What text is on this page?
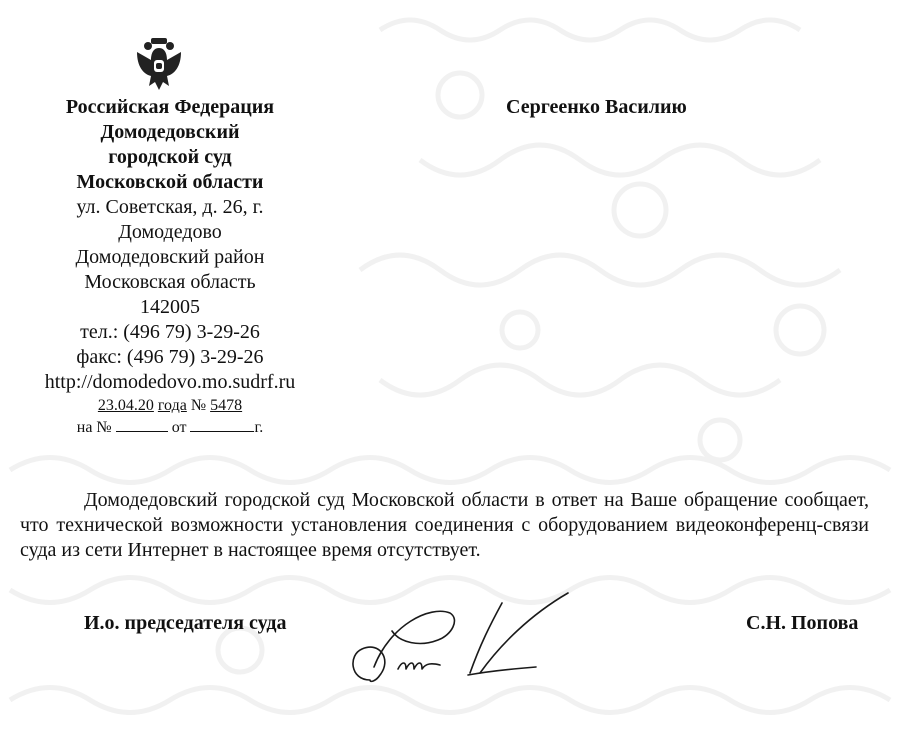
Российская Федерация
Домодедовский
городской суд
Московской области
ул. Советская, д. 26, г.
Домодедово
Домодедовский район
Московская область
142005
тел.: (496 79) 3-29-26
факс: (496 79) 3-29-26
http://domodedovo.mo.sudrf.ru
23.04.20 года № 5478
на №	от	г.
Сергеенко Василию
Домодедовский городской суд Московской области в ответ на Ваше обращение сообщает, что технической возможности установления соединения с оборудованием видеоконференц-связи суда из сети Интернет в настоящее время отсутствует.
И.о. председателя суда	С.Н. Попова
